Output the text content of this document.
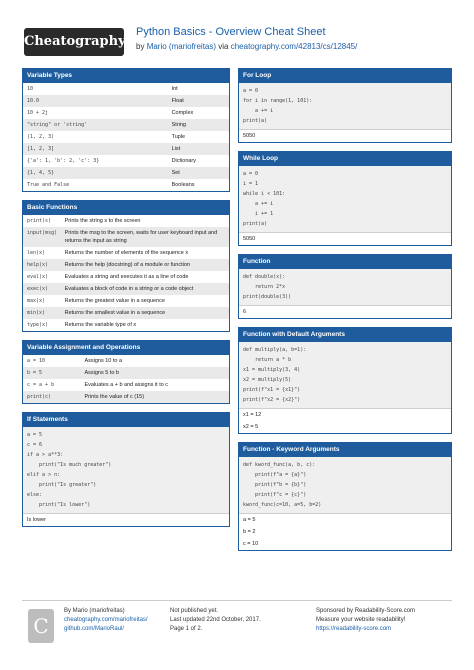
Cheatography
Python Basics - Overview Cheat Sheet
by Mario (mariofreitas) via cheatography.com/42813/cs/12845/
Variable Types
10	Int
10.0	Float
10 + 2j	Complex
"string" or 'string'	String
(1, 2, 3)	Tuple
[1, 2, 3]	List
{'a': 1, 'b': 2, 'c': 3}	Dictionary
{1, 4, 5}	Set
True and False	Booleans
Basic Functions
print(s)	Prints the string s to the screen
input(msg)	Prints the msg to the screen, waits for user keyboard input and returns the input as string
len(x)	Returns the number of elements of the sequence x
help(x)	Returns the help (docstring) of a module or function
eval(x)	Evaluates a string and executes it as a line of code
exec(x)	Evaluates a block of code in a string or a code object
max(x)	Returns the greatest value in a sequence
min(x)	Returns the smallest value in a sequence
type(x)	Returns the variable type of x
Variable Assignment and Operations
a = 10	Assigns 10 to a
b = 5	Assigns 5 to b
c = a + b	Evaluates a + b and assigns it to c
print(c)	Prints the value of c (15)
If Statements
a = 5
c = 6
if a > a**3:
print("Is much greater")
elif a > n:
print("Is greater")
else:
print("Is lower")
Is lower
For Loop
a = 0
for i in range(1, 101):
a += i
print(a)
5050
While Loop
a = 0
i = 1
while i < 101:
a += i
i += 1
print(a)
5050
Function
def double(x):
return 2*x
print(double(3))
6
Function with Default Arguments
def multiply(a, b=1):
return a * b
x1 = multiply(3, 4)
x2 = multiply(5)
print(f"x1 = {x1}")
print(f"x2 = {x2}")
x1 = 12
x2 = 5
Function - Keyword Arguments
def kword_func(a, b, c):
print(f"a = {a}")
print(f"b = {b}")
print(f"c = {c}")
kword_func(c=10, a=5, b=2)
a = 5
b = 2
c = 10
C
By Mario (mariofreitas)
cheatography.com/mariofreitas/
github.com/MarioRaul/
Not published yet.
Last updated 22nd October, 2017.
Page 1 of 2.
Sponsored by Readability-Score.com
Measure your website readability!
https://readability-score.com
